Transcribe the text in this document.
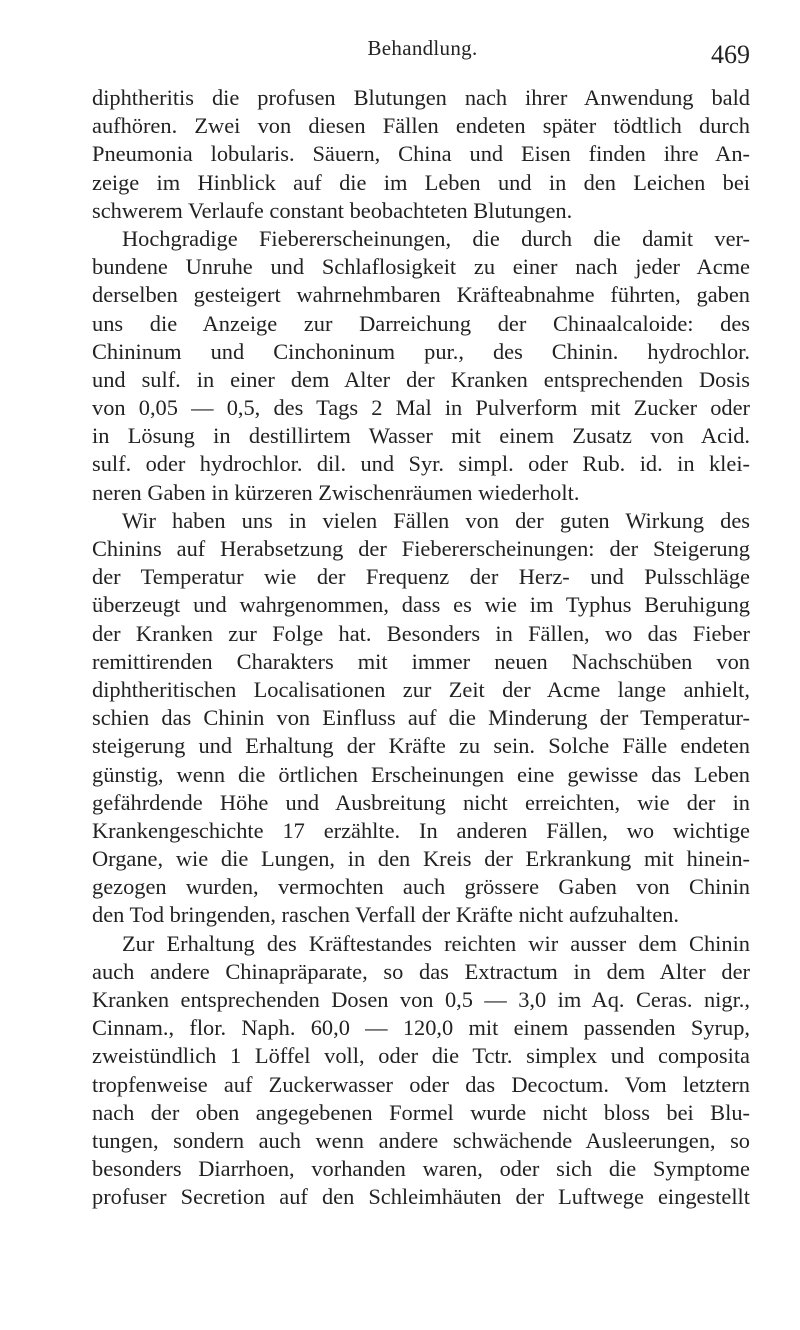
Behandlung.	469
diphtheritis die profusen Blutungen nach ihrer Anwendung bald
aufhören. Zwei von diesen Fällen endeten später tödtlich durch
Pneumonia lobularis. Säuern, China und Eisen finden ihre An-
zeige im Hinblick auf die im Leben und in den Leichen bei
schwerem Verlaufe constant beobachteten Blutungen.
Hochgradige Fiebererscheinungen, die durch die damit ver-
bundene Unruhe und Schlaflosigkeit zu einer nach jeder Acme
derselben gesteigert wahrnehmbaren Kräfteabnahme führten, gaben
uns die Anzeige zur Darreichung der Chinaalcaloide: des
Chininum und Cinchoninum pur., des Chinin. hydrochlor.
und sulf. in einer dem Alter der Kranken entsprechenden Dosis
von 0,05 — 0,5, des Tags 2 Mal in Pulverform mit Zucker oder
in Lösung in destillirtem Wasser mit einem Zusatz von Acid.
sulf. oder hydrochlor. dil. und Syr. simpl. oder Rub. id. in klei-
neren Gaben in kürzeren Zwischenräumen wiederholt.
Wir haben uns in vielen Fällen von der guten Wirkung des
Chinins auf Herabsetzung der Fiebererscheinungen: der Steigerung
der Temperatur wie der Frequenz der Herz- und Pulsschläge
überzeugt und wahrgenommen, dass es wie im Typhus Beruhigung
der Kranken zur Folge hat. Besonders in Fällen, wo das Fieber
remittirenden Charakters mit immer neuen Nachschüben von
diphtheritischen Localisationen zur Zeit der Acme lange anhielt,
schien das Chinin von Einfluss auf die Minderung der Temperatur-
steigerung und Erhaltung der Kräfte zu sein. Solche Fälle endeten
günstig, wenn die örtlichen Erscheinungen eine gewisse das Leben
gefährdende Höhe und Ausbreitung nicht erreichten, wie der in
Krankengeschichte 17 erzählte. In anderen Fällen, wo wichtige
Organe, wie die Lungen, in den Kreis der Erkrankung mit hinein-
gezogen wurden, vermochten auch grössere Gaben von Chinin
den Tod bringenden, raschen Verfall der Kräfte nicht aufzuhalten.
Zur Erhaltung des Kräftestandes reichten wir ausser dem Chinin
auch andere Chinapräparate, so das Extractum in dem Alter der
Kranken entsprechenden Dosen von 0,5 — 3,0 im Aq. Ceras. nigr.,
Cinnam., flor. Naph. 60,0 — 120,0 mit einem passenden Syrup,
zweistündlich 1 Löffel voll, oder die Tctr. simplex und composita
tropfenweise auf Zuckerwasser oder das Decoctum. Vom letztern
nach der oben angegebenen Formel wurde nicht bloss bei Blu-
tungen, sondern auch wenn andere schwächende Ausleerungen, so
besonders Diarrhoen, vorhanden waren, oder sich die Symptome
profuser Secretion auf den Schleimhäuten der Luftwege eingestellt
